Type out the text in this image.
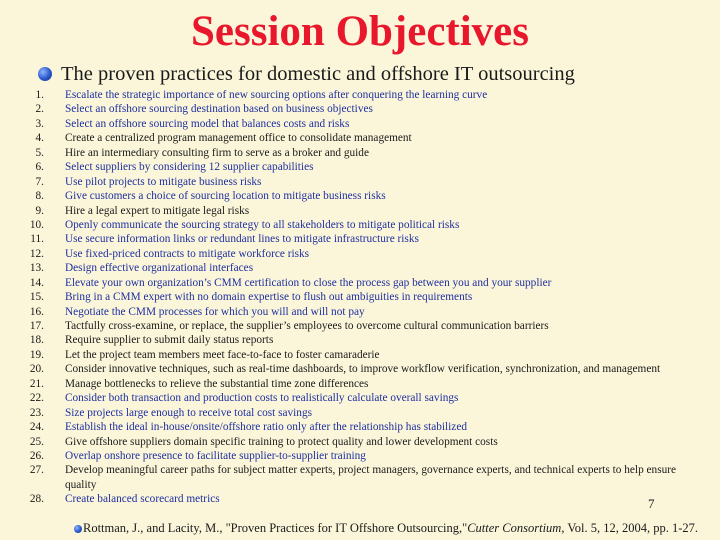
Session Objectives
The proven practices for domestic and offshore IT outsourcing
1. Escalate the strategic importance of new sourcing options after conquering the learning curve
2. Select an offshore sourcing destination based on business objectives
3. Select an offshore sourcing model that balances costs and risks
4. Create a centralized program management office to consolidate management
5. Hire an intermediary consulting firm to serve as a broker and guide
6. Select suppliers by considering 12 supplier capabilities
7. Use pilot projects to mitigate business risks
8. Give customers a choice of sourcing location to mitigate business risks
9. Hire a legal expert to mitigate legal risks
10. Openly communicate the sourcing strategy to all stakeholders to mitigate political risks
11. Use secure information links or redundant lines to mitigate infrastructure risks
12. Use fixed-priced contracts to mitigate workforce risks
13. Design effective organizational interfaces
14. Elevate your own organization’s CMM certification to close the process gap between you and your supplier
15. Bring in a CMM expert with no domain expertise to flush out ambiguities in requirements
16. Negotiate the CMM processes for which you will and will not pay
17. Tactfully cross-examine, or replace, the supplier’s employees to overcome cultural communication barriers
18. Require supplier to submit daily status reports
19. Let the project team members meet face-to-face to foster camaraderie
20. Consider innovative techniques, such as real-time dashboards, to improve workflow verification, synchronization, and management
21. Manage bottlenecks to relieve the substantial time zone differences
22. Consider both transaction and production costs to realistically calculate overall savings
23. Size projects large enough to receive total cost savings
24. Establish the ideal in-house/onsite/offshore ratio only after the relationship has stabilized
25. Give offshore suppliers domain specific training to protect quality and lower development costs
26. Overlap onshore presence to facilitate supplier-to-supplier training
27. Develop meaningful career paths for subject matter experts, project managers, governance experts, and technical experts to help ensure quality
28. Create balanced scorecard metrics	7
Rottman, J., and Lacity, M., "Proven Practices for IT Offshore Outsourcing," Cutter Consortium , Vol. 5, 12, 2004, pp. 1-27.
